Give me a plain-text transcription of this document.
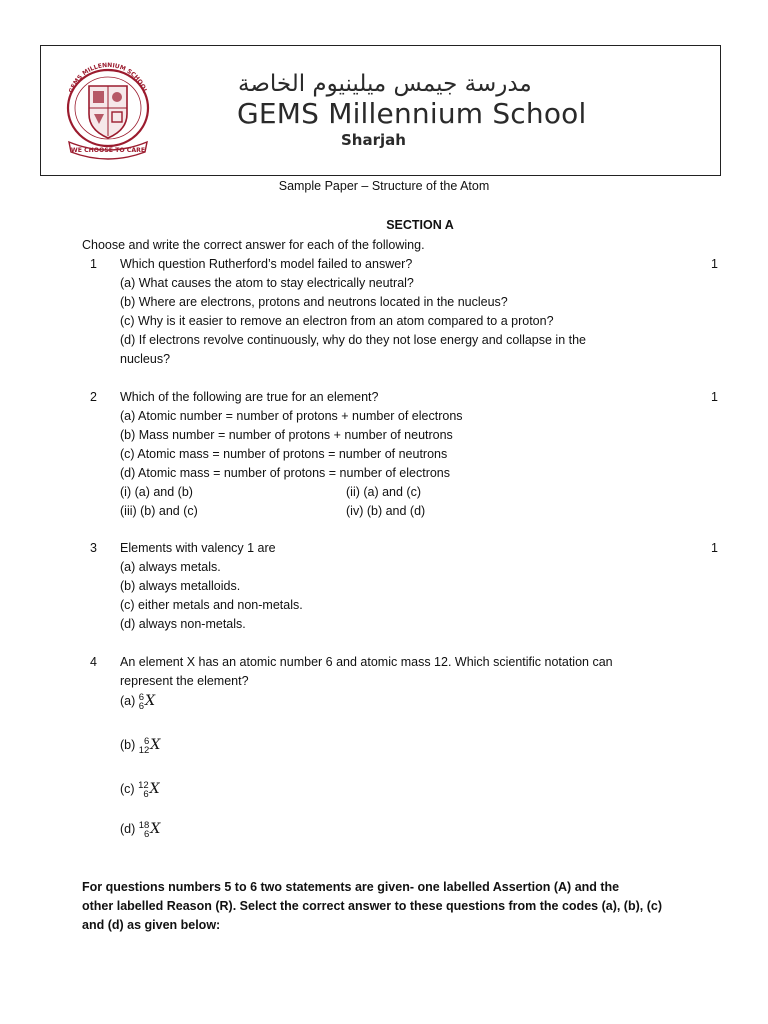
GEMS MILLENNIUM SCHOOL
WE CHOOSE TO CARE
مدرسة جيمس ميلينيوم الخاصة
GEMS Millennium School
Sharjah
Sample Paper – Structure of the Atom
SECTION A
Choose and write the correct answer for each of the following.
1 Which question Rutherford’s model failed to answer?	1
(a) What causes the atom to stay electrically neutral?
(b) Where are electrons, protons and neutrons located in the nucleus?
(c) Why is it easier to remove an electron from an atom compared to a proton?
(d) If electrons revolve continuously, why do they not lose energy and collapse in the
nucleus?
2 Which of the following are true for an element?	1
(a) Atomic number = number of protons + number of electrons
(b) Mass number = number of protons + number of neutrons
(c) Atomic mass = number of protons = number of neutrons
(d) Atomic mass = number of protons = number of electrons
(i) (a) and (b)	(ii) (a) and (c)
(iii) (b) and (c)	(iv) (b) and (d)
3 Elements with valency 1 are	1
(a) always metals.
(b) always metalloids.
(c) either metals and non-metals.
(d) always non-metals.
4 An element X has an atomic number 6 and atomic mass 12. Which scientific notation can
represent the element?
(a) 6
6 X
(b) 6
12 X
(c) 12
6 X
(d) 18
6 X
For questions numbers 5 to 6 two statements are given- one labelled Assertion (A) and the
other labelled Reason (R). Select the correct answer to these questions from the codes (a), (b), (c)
and (d) as given below:
